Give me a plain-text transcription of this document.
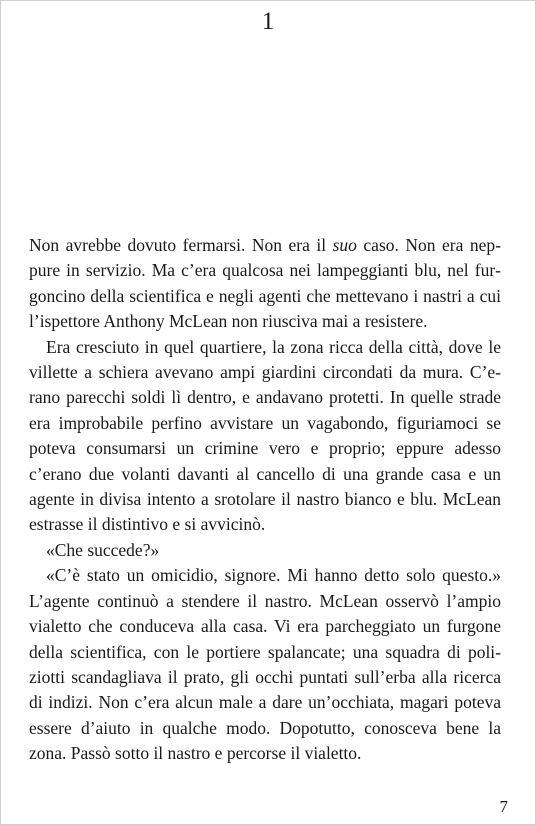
1

Non avrebbe dovuto fermarsi. Non era il suo caso. Non era neppure in servizio. Ma c’era qualcosa nei lampeggianti blu, nel furgoncino della scientifica e negli agenti che mettevano i nastri a cui l’ispettore Anthony McLean non riusciva mai a resistere.

Era cresciuto in quel quartiere, la zona ricca della città, dove le villette a schiera avevano ampi giardini circondati da mura. C’erano parecchi soldi lì dentro, e andavano protetti. In quelle strade era improbabile perfino avvistare un vagabondo, figuriamoci se poteva consumarsi un crimine vero e proprio; eppure adesso c’erano due volanti davanti al cancello di una grande casa e un agente in divisa intento a srotolare il nastro bianco e blu. McLean estrasse il distintivo e si avvicinò.

«Che succede?»

«C’è stato un omicidio, signore. Mi hanno detto solo questo.» L’agente continuò a stendere il nastro. McLean osservò l’ampio vialetto che conduceva alla casa. Vi era parcheggiato un furgone della scientifica, con le portiere spalancate; una squadra di poliziotti scandagliava il prato, gli occhi puntati sull’erba alla ricerca di indizi. Non c’era alcun male a dare un’occhiata, magari poteva essere d’aiuto in qualche modo. Dopotutto, conosceva bene la zona. Passò sotto il nastro e percorse il vialetto.

7
